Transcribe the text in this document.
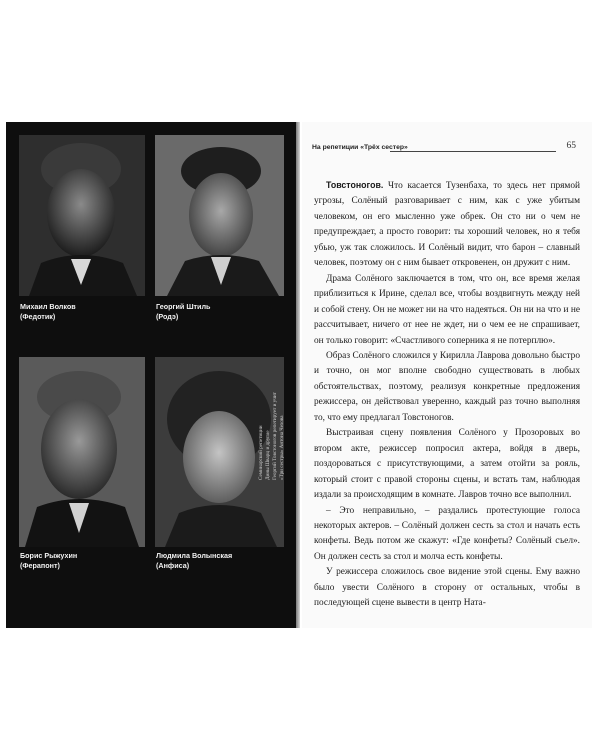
Михаил Волков
(Федотик)
Георгий Штиль
(Родэ)
Борис Рыжухин
(Ферапонт)
Людмила Волынская
(Анфиса)
Семинарский репетиции Дины Шварц и другие Георгий Товстоногов репетирует и учит «Три сестры» Антона Чехова
На репетиции «Трёх сестер»	65

Товстоногов. Что касается Тузенбаха, то здесь нет прямой угрозы, Солёный разговаривает с ним, как с уже убитым человеком, он его мысленно уже обрек. Он сто ни о чем не предупреждает, а просто говорит: ты хороший человек, но я тебя убью, уж так сложилось. И Солёный видит, что барон – славный человек, поэтому он с ним бывает откровенен, он дружит с ним.

Драма Солёного заключается в том, что он, все время желая приблизиться к Ирине, сделал все, чтобы воздвигнуть между ней и собой стену. Он не может ни на что надеяться. Он ни на что и не рассчитывает, ничего от нее не ждет, ни о чем ее не спрашивает, он только говорит: «Счастливого соперника я не потерплю».

Образ Солёного сложился у Кирилла Лаврова довольно быстро и точно, он мог вполне свободно существовать в любых обстоятельствах, поэтому, реализуя конкретные предложения режиссера, он действовал уверенно, каждый раз точно выполняя то, что ему предлагал Товстоногов.

Выстраивая сцену появления Солёного у Прозоровых во втором акте, режиссер попросил актера, войдя в дверь, поздороваться с присутствующими, а затем отойти за рояль, который стоит с правой стороны сцены, и встать там, наблюдая издали за происходящим в комнате. Лавров точно все выполнил.

– Это неправильно, – раздались протестующие голоса некоторых актеров. – Солёный должен сесть за стол и начать есть конфеты. Ведь потом же скажут: «Где конфеты? Солёный съел». Он должен сесть за стол и молча есть конфеты.

У режиссера сложилось свое видение этой сцены. Ему важно было увести Солёного в сторону от остальных, чтобы в последующей сцене вывести в центр Ната-
